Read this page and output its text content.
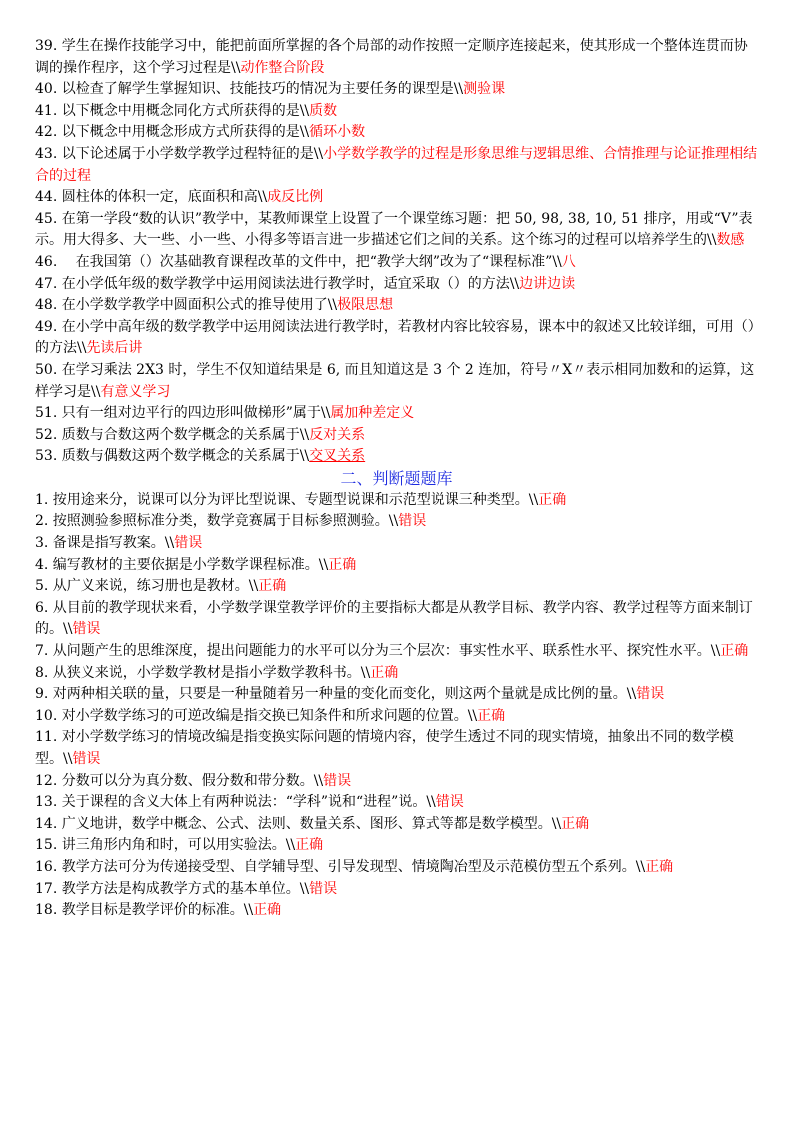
39. 学生在操作技能学习中，能把前面所掌握的各个局部的动作按照一定顺序连接起来，使其形成一个整体连贯而协调的操作程序，这个学习过程是\\动作整合阶段

40. 以检查了解学生掌握知识、技能技巧的情况为主要任务的课型是\\测验课

41. 以下概念中用概念同化方式所获得的是\\质数

42. 以下概念中用概念形成方式所获得的是\\循环小数

43. 以下论述属于小学数学教学过程特征的是\\小学数学教学的过程是形象思维与逻辑思维、合情推理与论证推理相结合的过程

44. 圆柱体的体积一定，底面积和高\\成反比例

45. 在第一学段“数的认识”教学中，某教师课堂上设置了一个课堂练习题：把 50, 98, 38, 10, 51 排序，用或“V”表示。用大得多、大一些、小一些、小得多等语言进一步描述它们之间的关系。这个练习的过程可以培养学生的\\数感

46.　 在我国第（）次基础教育课程改革的文件中，把“教学大纲”改为了“课程标准”\\八

47. 在小学低年级的数学教学中运用阅读法进行教学时，适宜采取（）的方法\\边讲边读

48. 在小学数学教学中圆面积公式的推导使用了\\极限思想

49. 在小学中高年级的数学教学中运用阅读法进行教学时，若教材内容比较容易，课本中的叙述又比较详细，可用（）的方法\\先读后讲

50. 在学习乘法 2X3 时，学生不仅知道结果是 6, 而且知道这是 3 个 2 连加，符号〃X〃表示相同加数和的运算，这样学习是\\有意义学习

51. 只有一组对边平行的四边形叫做梯形”属于\\属加种差定义

52. 质数与合数这两个数学概念的关系属于\\反对关系

53. 质数与偶数这两个数学概念的关系属于\\交叉关系

二、判断题题库

1. 按用途来分，说课可以分为评比型说课、专题型说课和示范型说课三种类型。\\正确

2. 按照测验参照标准分类，数学竞赛属于目标参照测验。\\错误

3. 备课是指写教案。\\错误

4. 编写教材的主要依据是小学数学课程标准。\\正确

5. 从广义来说，练习册也是教材。\\正确

6. 从目前的教学现状来看，小学数学课堂教学评价的主要指标大都是从教学目标、教学内容、教学过程等方面来制订的。\\错误

7. 从问题产生的思维深度，提出问题能力的水平可以分为三个层次：事实性水平、联系性水平、探究性水平。\\正确

8. 从狭义来说，小学数学教材是指小学数学教科书。\\正确

9. 对两种相关联的量，只要是一种量随着另一种量的变化而变化，则这两个量就是成比例的量。\\错误

10. 对小学数学练习的可逆改编是指交换已知条件和所求问题的位置。\\正确

11. 对小学数学练习的情境改编是指变换实际问题的情境内容，使学生透过不同的现实情境，抽象出不同的数学模型。\\错误

12. 分数可以分为真分数、假分数和带分数。\\错误

13. 关于课程的含义大体上有两种说法：“学科”说和“进程”说。\\错误

14. 广义地讲，数学中概念、公式、法则、数量关系、图形、算式等都是数学模型。\\正确

15. 讲三角形内角和时，可以用实验法。\\正确

16. 教学方法可分为传递接受型、自学辅导型、引导发现型、情境陶冶型及示范模仿型五个系列。\\正确

17. 教学方法是构成教学方式的基本单位。\\错误

18. 教学目标是教学评价的标准。\\正确
